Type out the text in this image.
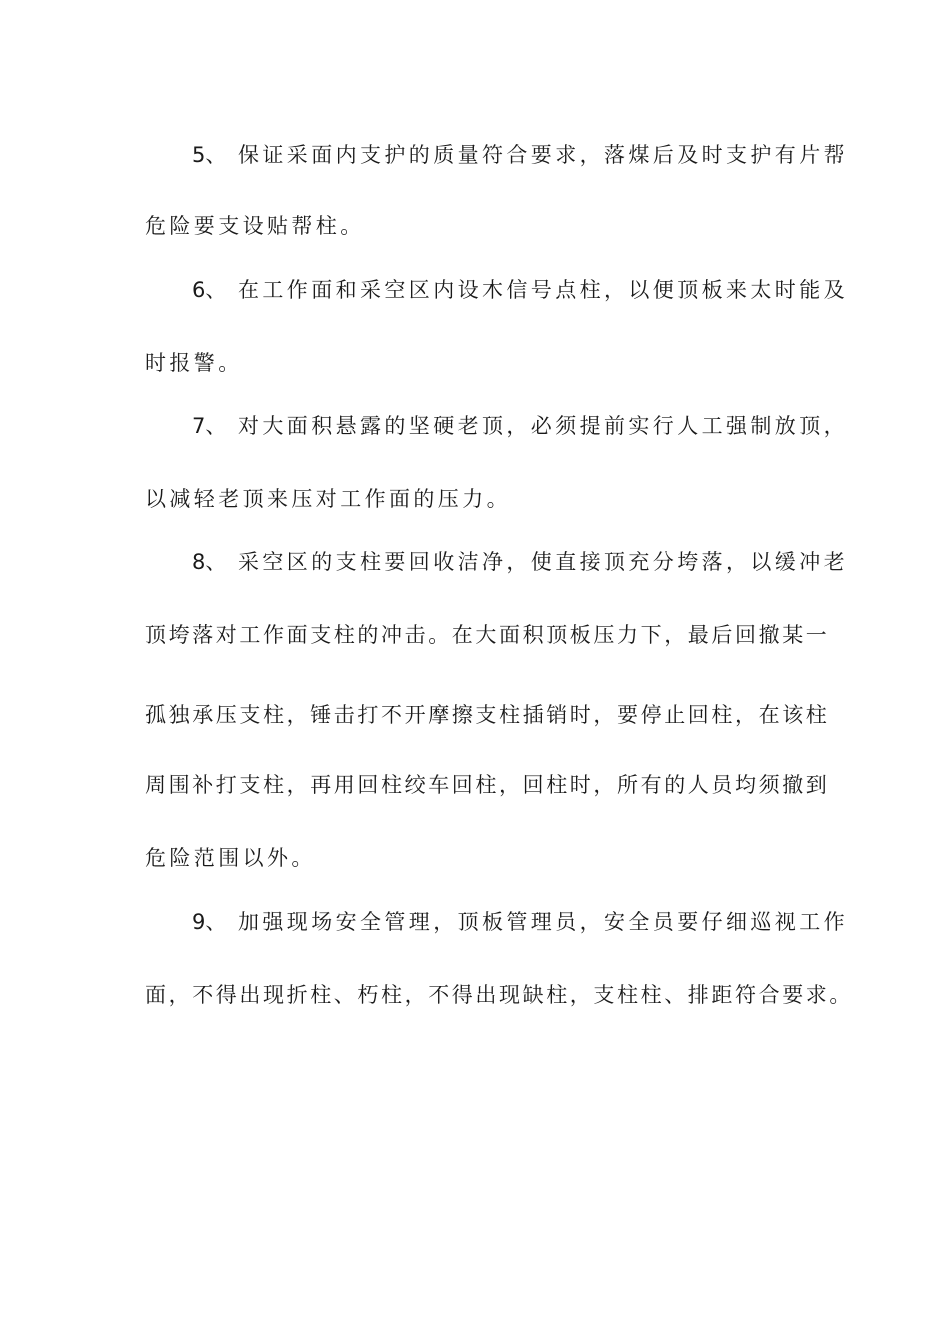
5、 保证采面内支护的质量符合要求，落煤后及时支护有片帮
危险要支设贴帮柱。
6、 在工作面和采空区内设木信号点柱，以便顶板来太时能及
时报警。
7、 对大面积悬露的坚硬老顶，必须提前实行人工强制放顶，
以减轻老顶来压对工作面的压力。
8、 采空区的支柱要回收洁净，使直接顶充分垮落，以缓冲老
顶垮落对工作面支柱的冲击。在大面积顶板压力下，最后回撤某一
孤独承压支柱，锤击打不开摩擦支柱插销时，要停止回柱，在该柱
周围补打支柱，再用回柱绞车回柱，回柱时，所有的人员均须撤到
危险范围以外。
9、 加强现场安全管理，顶板管理员，安全员要仔细巡视工作
面，不得出现折柱、朽柱，不得出现缺柱，支柱柱、排距符合要求。
